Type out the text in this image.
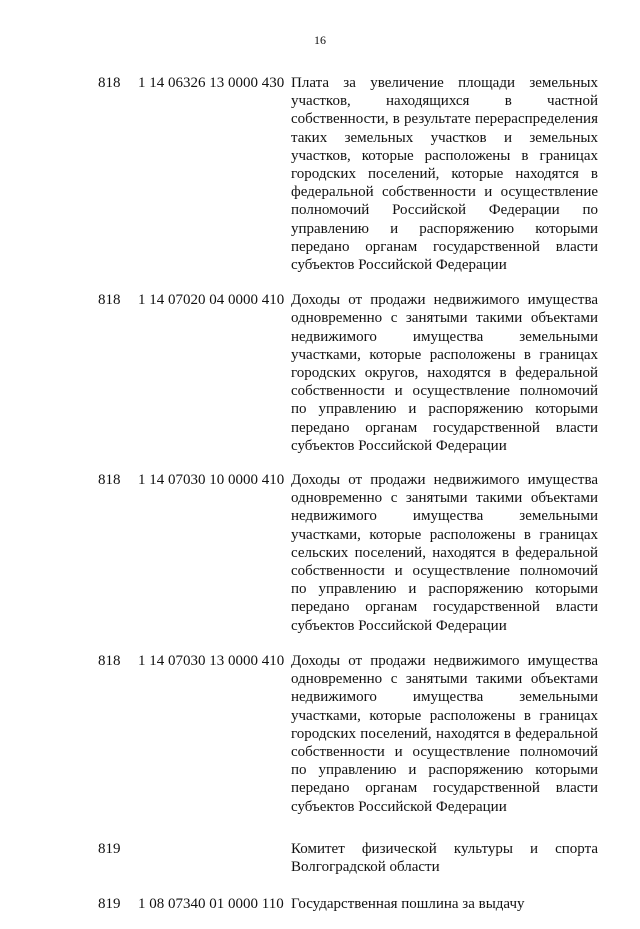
16
818 1 14 06326 13 0000 430 Плата за увеличение площади земельных участков, находящихся в частной собственности, в результате перераспределения таких земельных участков и земельных участков, которые расположены в границах городских поселений, которые находятся в федеральной собственности и осуществление полномочий Российской Федерации по управлению и распоряжению которыми передано органам государственной власти субъектов Российской Федерации
818 1 14 07020 04 0000 410 Доходы от продажи недвижимого имущества одновременно с занятыми такими объектами недвижимого имущества земельными участками, которые расположены в границах городских округов, находятся в федеральной собственности и осуществление полномочий по управлению и распоряжению которыми передано органам государственной власти субъектов Российской Федерации
818 1 14 07030 10 0000 410 Доходы от продажи недвижимого имущества одновременно с занятыми такими объектами недвижимого имущества земельными участками, которые расположены в границах сельских поселений, находятся в федеральной собственности и осуществление полномочий по управлению и распоряжению которыми передано органам государственной власти субъектов Российской Федерации
818 1 14 07030 13 0000 410 Доходы от продажи недвижимого имущества одновременно с занятыми такими объектами недвижимого имущества земельными участками, которые расположены в границах городских поселений, находятся в федеральной собственности и осуществление полномочий по управлению и распоряжению которыми передано органам государственной власти субъектов Российской Федерации
819	Комитет физической культуры и спорта Волгоградской области
819 1 08 07340 01 0000 110 Государственная пошлина за выдачу
